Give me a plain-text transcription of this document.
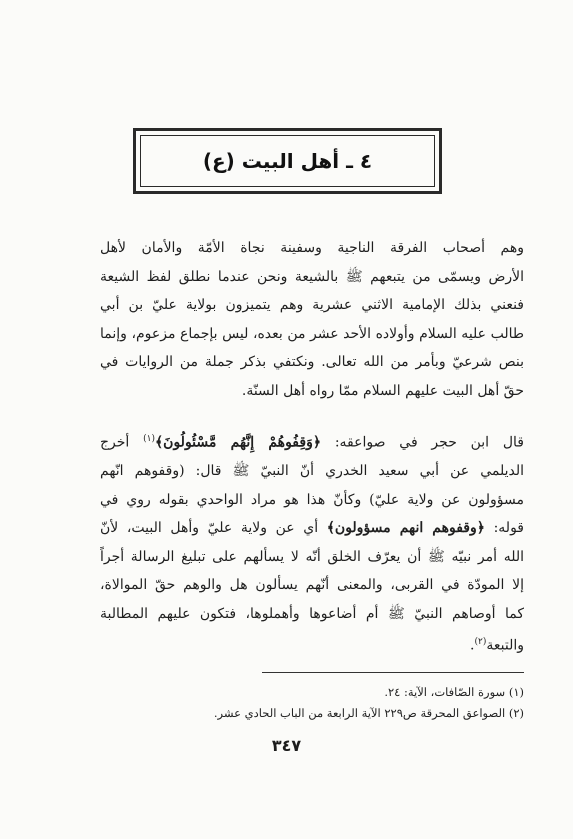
٤ ـ أهل البيت (ع)
وهم أصحاب الفرقة الناجية وسفينة نجاة الأمّة والأمان لأهل
الأرض ويسمّى من يتبعهم ﷺ بالشيعة ونحن عندما نطلق لفظ الشيعة
فنعني بذلك الإمامية الاثني عشرية وهم يتميزون بولاية عليّ بن أبي
طالب عليه السلام وأولاده الأحد عشر من بعده، ليس بإجماع مزعوم، وإنما
بنص شرعيّ وبأمر من الله تعالى. ونكتفي بذكر جملة من الروايات في
حقّ أهل البيت عليهم السلام ممّا رواه أهل السنّة.
قال ابن حجر في صواعقه: ﴿وَقِفُوهُمْ إِنَّهُم مَّسْئُولُونَ﴾$^{(١)}$ أخرج
الديلمي عن أبي سعيد الخدري أنّ النبيّ ﷺ قال: (وقفوهم انّهم
مسؤولون عن ولاية عليّ) وكأنّ هذا هو مراد الواحدي بقوله روي في
قوله: ﴿وقفوهم انهم مسؤولون﴾ أي عن ولاية عليّ وأهل البيت، لأنّ
الله أمر نبيّه ﷺ أن يعرّف الخلق أنّه لا يسألهم على تبليغ الرسالة أجراً
إلا المودّة في القربى، والمعنى أنّهم يسألون هل والوهم حقّ الموالاة،
كما أوصاهم النبيّ ﷺ أم أضاعوها وأهملوها، فتكون عليهم المطالبة
والتبعة$^{(٢)}$.
(١) سورة الصّافات، الآية: ٢٤.
(٢) الصواعق المحرقة ص٢٢٩ الآية الرابعة من الباب الحادي عشر.
٣٤٧
